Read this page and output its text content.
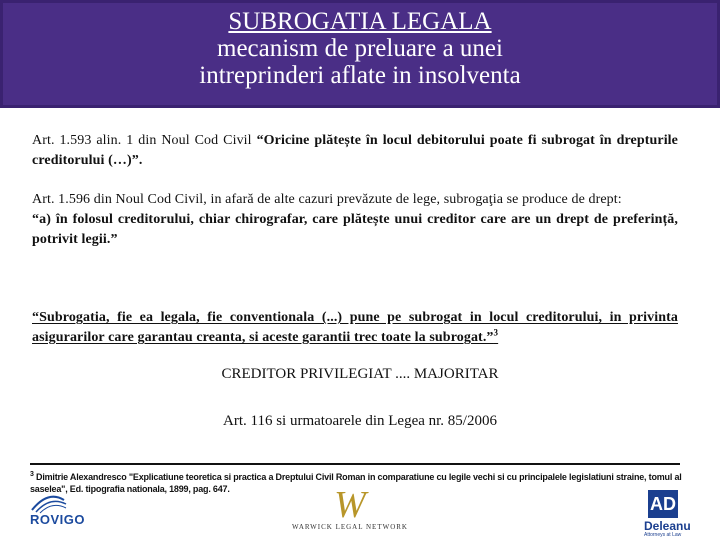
SUBROGATIA LEGALA
mecanism de preluare a unei
intreprinderi aflate in insolventa
Art. 1.593 alin. 1 din Noul Cod Civil “Oricine plătește în locul debitorului poate fi subrogat în drepturile creditorului (…)”.
Art. 1.596 din Noul Cod Civil, in afară de alte cazuri prevăzute de lege, subrogaţia se produce de drept:
“a) în folosul creditorului, chiar chirografar, care plătește unui creditor care are un drept de preferință, potrivit legii.”
“Subrogatia, fie ea legala, fie conventionala (...) pune pe subrogat in locul creditorului, in privinta asigurarilor care garantau creanta, si aceste garantii trec toate la subrogat.”$^3$
CREDITOR PRIVILEGIAT .... MAJORITAR
Art. 116 si urmatoarele din Legea nr. 85/2006
$^3$ Dimitrie Alexandresco "Explicatiune teoretica si practica a Dreptului Civil Roman in comparatiune cu legile vechi si cu principalele legislatiuni straine, tomul al saselea", Ed. tipografia nationala, 1899, pag. 647.
ROVIGO	W
WARWICK LEGAL NETWORK
AD
Deleanu
Attorneys at Law
